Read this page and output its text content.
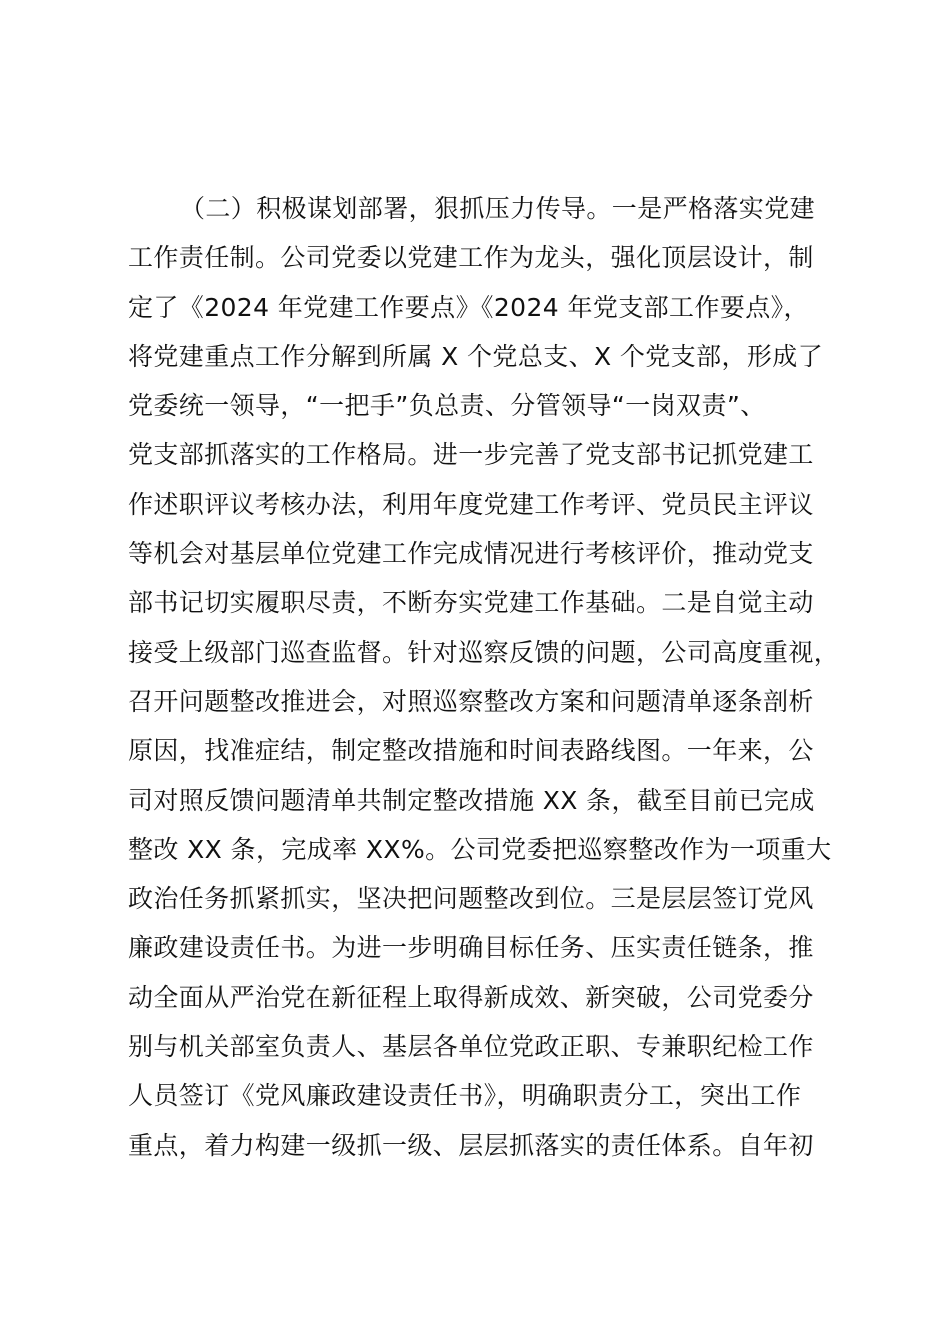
（二）积极谋划部署，狠抓压力传导。一是严格落实党建
工作责任制。公司党委以党建工作为龙头，强化顶层设计，制
定了《2024 年党建工作要点》《2024 年党支部工作要点》，
将党建重点工作分解到所属 X 个党总支、X 个党支部，形成了
党委统一领导，“一把手”负总责、分管领导“一岗双责”、
党支部抓落实的工作格局。进一步完善了党支部书记抓党建工
作述职评议考核办法，利用年度党建工作考评、党员民主评议
等机会对基层单位党建工作完成情况进行考核评价，推动党支
部书记切实履职尽责，不断夯实党建工作基础。二是自觉主动
接受上级部门巡查监督。针对巡察反馈的问题，公司高度重视，
召开问题整改推进会，对照巡察整改方案和问题清单逐条剖析
原因，找准症结，制定整改措施和时间表路线图。一年来，公
司对照反馈问题清单共制定整改措施 XX 条，截至目前已完成
整改 XX 条，完成率 XX%。公司党委把巡察整改作为一项重大
政治任务抓紧抓实，坚决把问题整改到位。三是层层签订党风
廉政建设责任书。为进一步明确目标任务、压实责任链条，推
动全面从严治党在新征程上取得新成效、新突破，公司党委分
别与机关部室负责人、基层各单位党政正职、专兼职纪检工作
人员签订《党风廉政建设责任书》，明确职责分工，突出工作
重点，着力构建一级抓一级、层层抓落实的责任体系。自年初
